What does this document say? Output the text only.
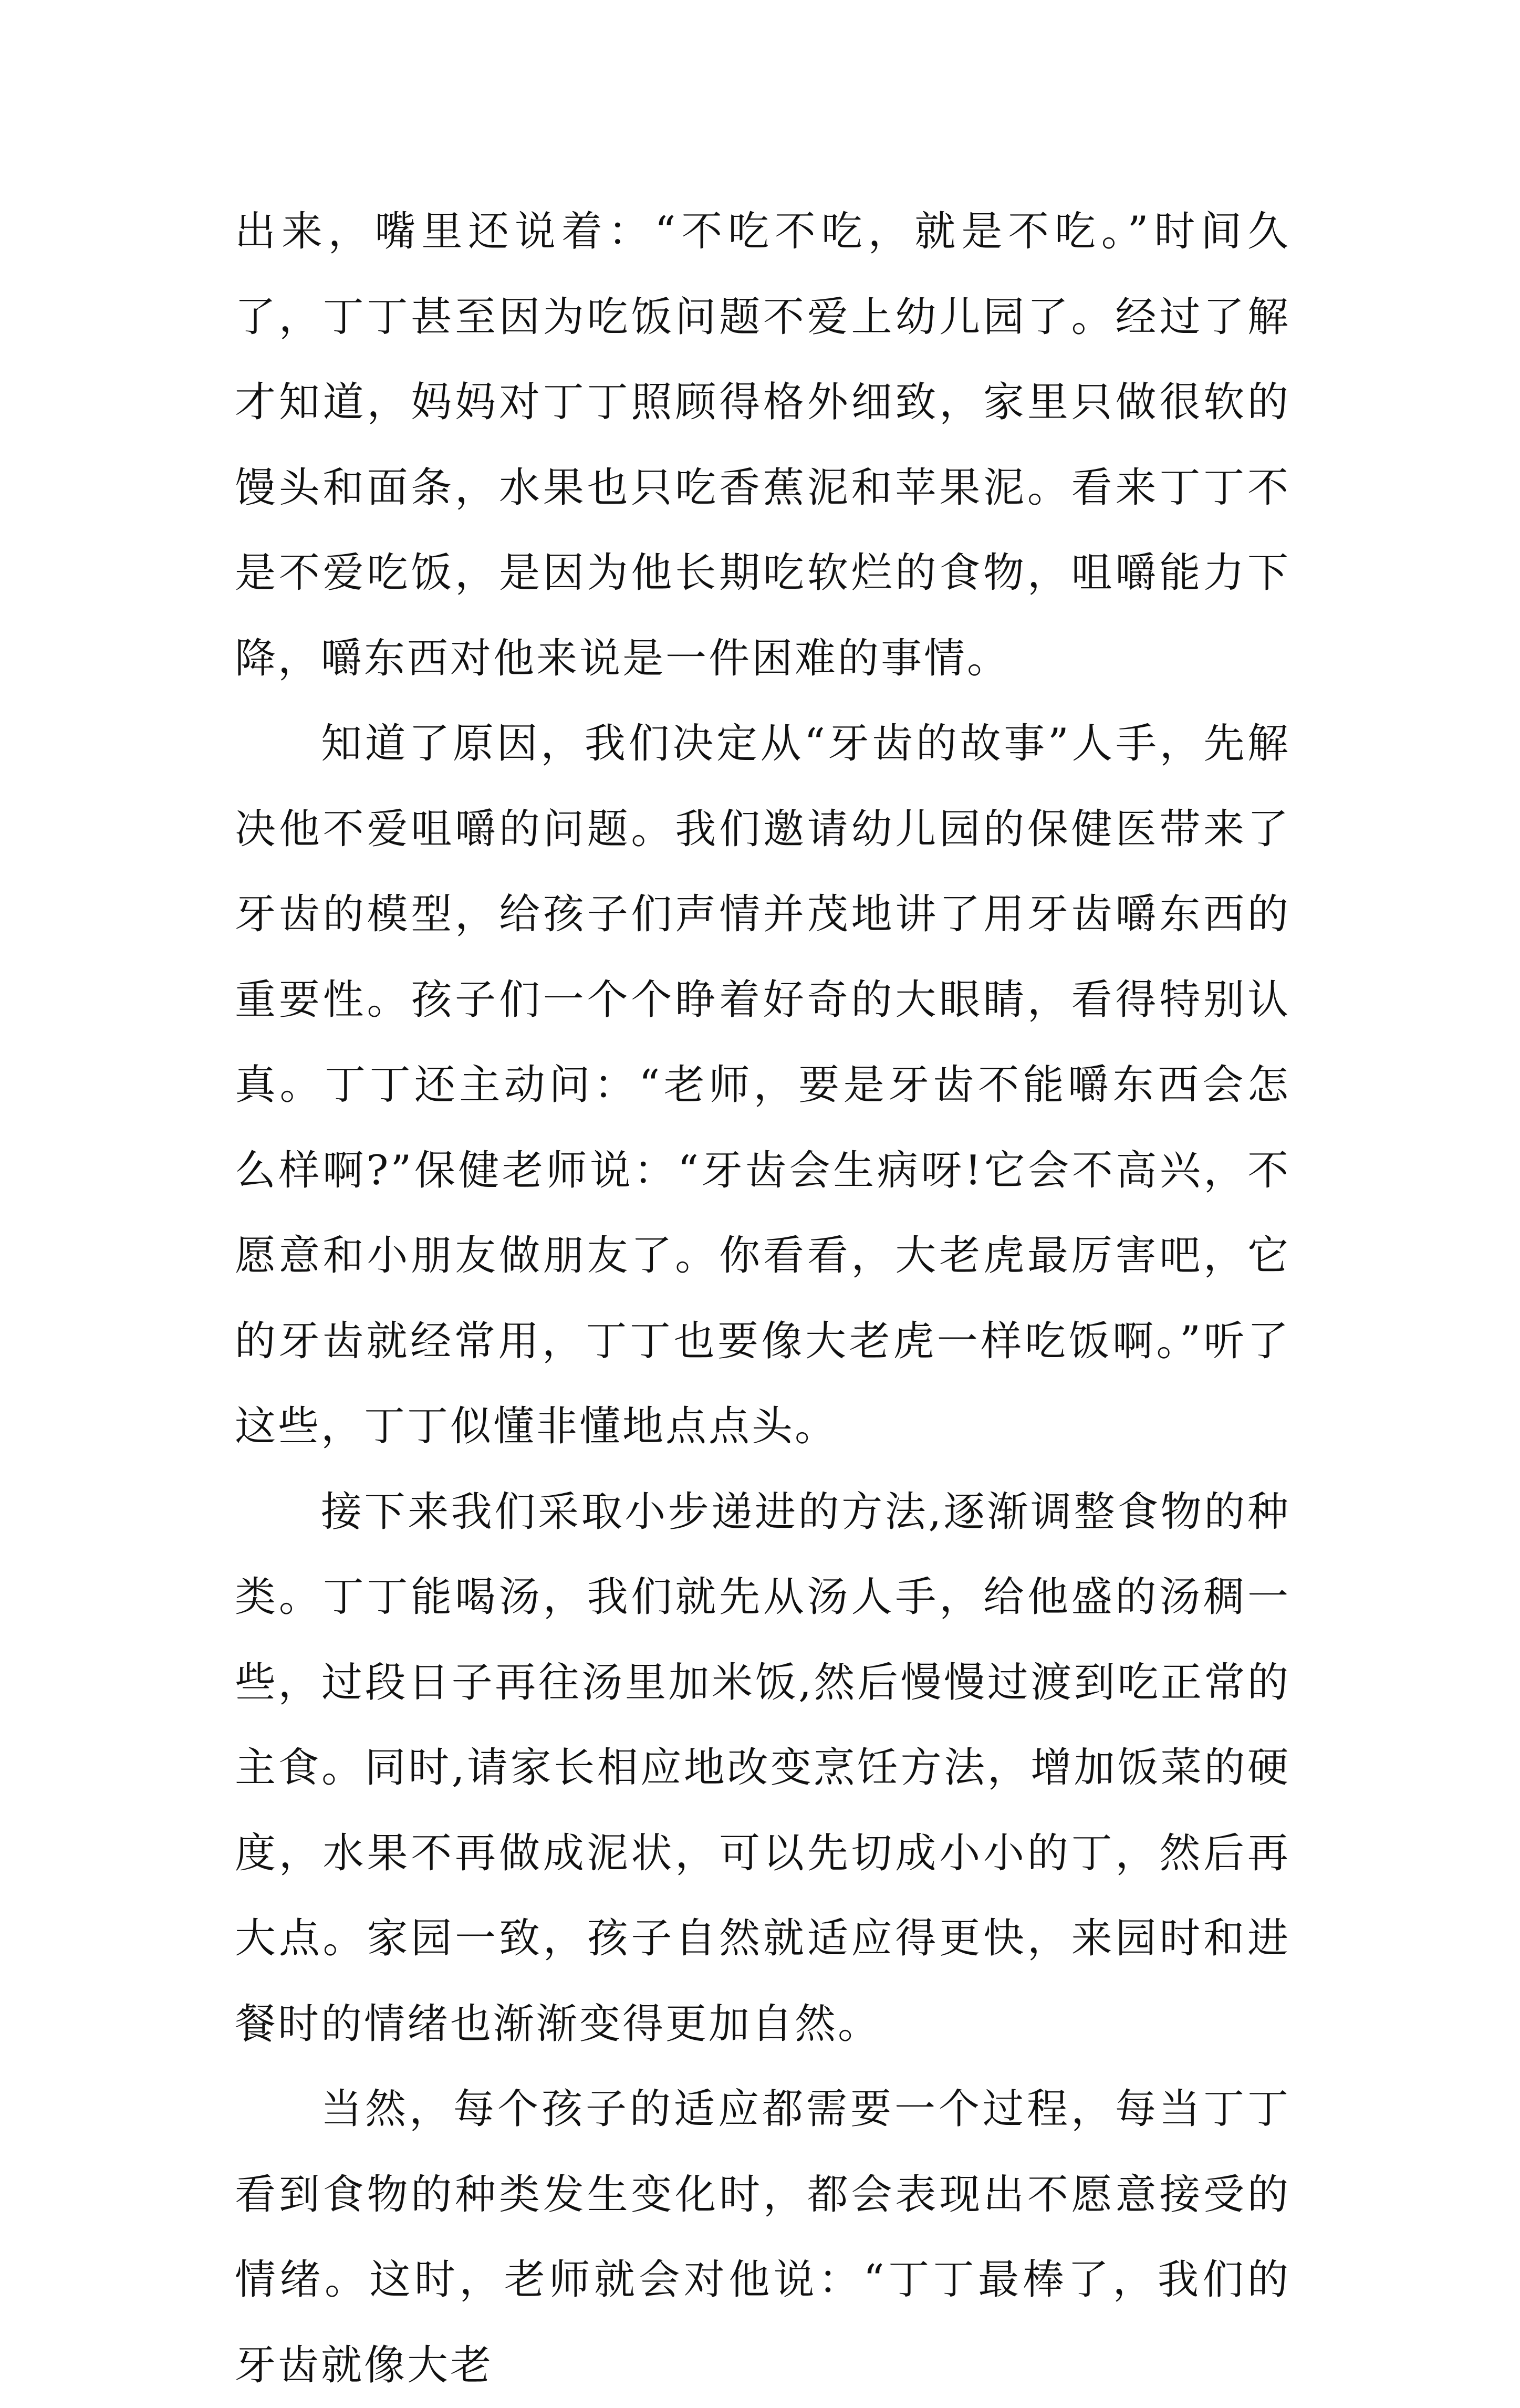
出来，嘴里还说着：“不吃不吃，就是不吃。”时间久了，丁丁甚至因为吃饭问题不爱上幼儿园了。经过了解才知道，妈妈对丁丁照顾得格外细致，家里只做很软的馒头和面条，水果也只吃香蕉泥和苹果泥。看来丁丁不是不爱吃饭，是因为他长期吃软烂的食物，咀嚼能力下降，嚼东西对他来说是一件困难的事情。

知道了原因，我们决定从“牙齿的故事”人手，先解决他不爱咀嚼的问题。我们邀请幼儿园的保健医带来了牙齿的模型，给孩子们声情并茂地讲了用牙齿嚼东西的重要性。孩子们一个个睁着好奇的大眼睛，看得特别认真。丁丁还主动问：“老师，要是牙齿不能嚼东西会怎么样啊?”保健老师说：“牙齿会生病呀!它会不高兴，不愿意和小朋友做朋友了。你看看，大老虎最厉害吧，它的牙齿就经常用，丁丁也要像大老虎一样吃饭啊。”听了这些，丁丁似懂非懂地点点头。

接下来我们采取小步递进的方法,逐渐调整食物的种类。丁丁能喝汤，我们就先从汤人手，给他盛的汤稠一些，过段日子再往汤里加米饭,然后慢慢过渡到吃正常的主食。同时,请家长相应地改变烹饪方法，增加饭菜的硬度，水果不再做成泥状，可以先切成小小的丁，然后再大点。家园一致，孩子自然就适应得更快，来园时和进餐时的情绪也渐渐变得更加自然。

当然，每个孩子的适应都需要一个过程，每当丁丁看到食物的种类发生变化时，都会表现出不愿意接受的情绪。这时，老师就会对他说：“丁丁最棒了，我们的牙齿就像大老
